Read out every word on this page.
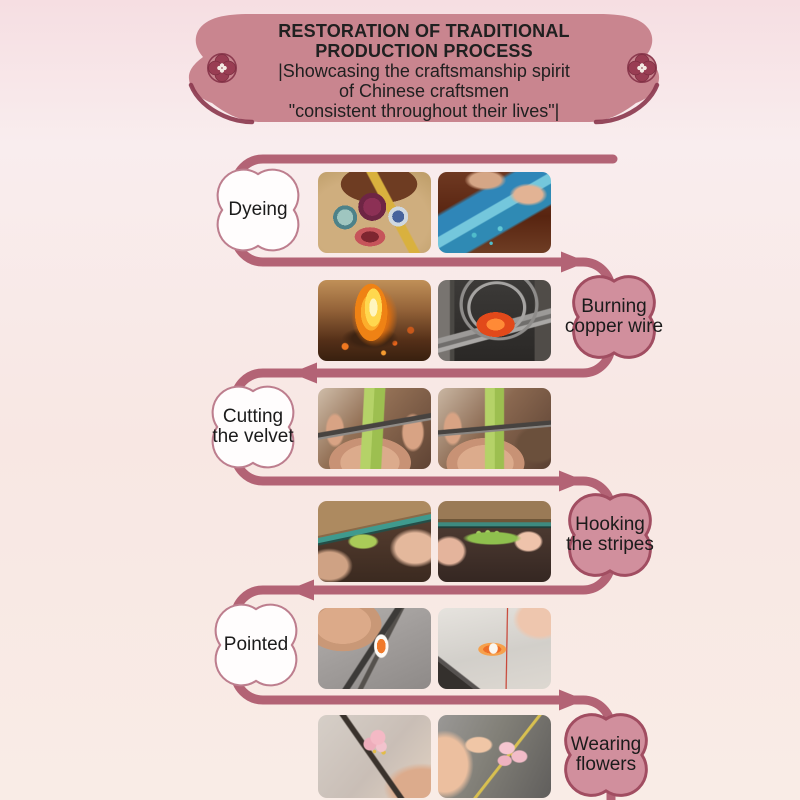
RESTORATION OF TRADITIONAL
PRODUCTION PROCESS
|Showcasing the craftsmanship spirit
of Chinese craftsmen
"consistent throughout their lives"|
Dyeing
Burning
copper wire
Cutting
the velvet
Hooking
the stripes
Pointed
Wearing
flowers
